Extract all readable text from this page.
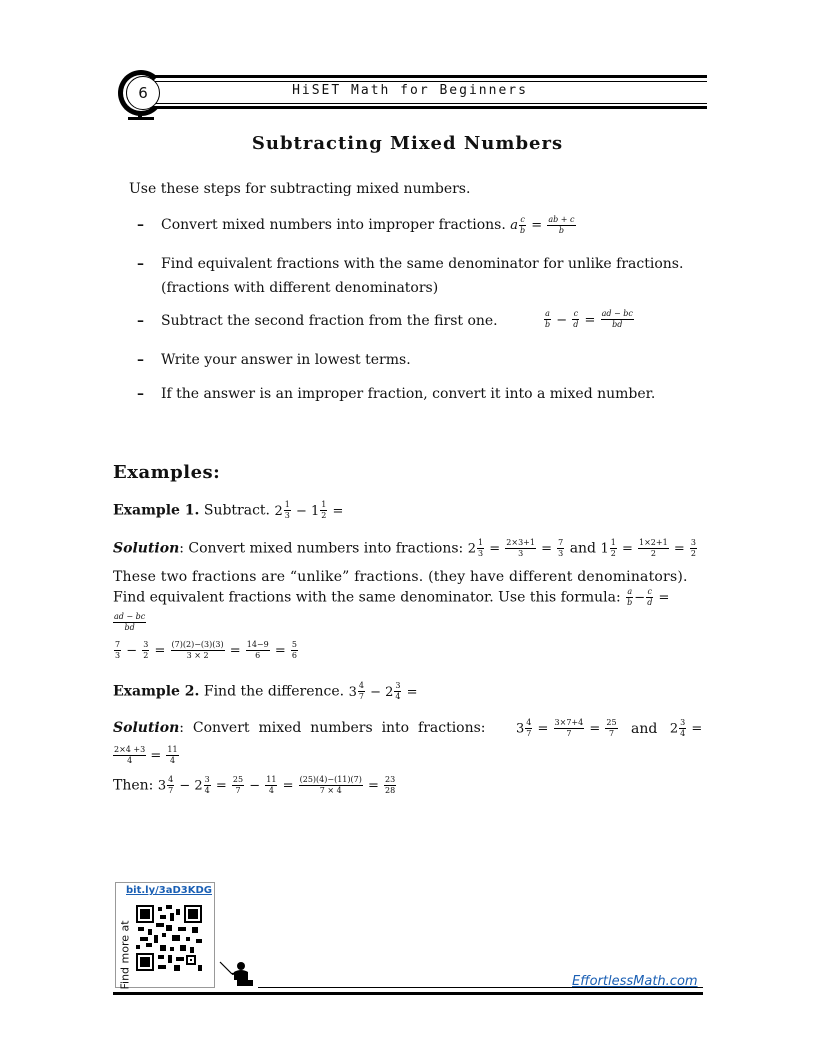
6	HiSET Math for Beginners
Subtracting Mixed Numbers
Use these steps for subtracting mixed numbers.
– Convert mixed numbers into improper fractions. a $\frac{c}{b} = \frac{ab + c}{b}$
– Find equivalent fractions with the same denominator for unlike fractions.
(fractions with different denominators)
– Subtract the second fraction from the first one.	$\frac{a}{b} - \frac{c}{d} = \frac{ad - bc}{bd}$
– Write your answer in lowest terms.
– If the answer is an improper fraction, convert it into a mixed number.
Examples:
Example 1. Subtract. $2 \frac{1}{3} - 1 \frac{1}{2}$ =
Solution: Convert mixed numbers into fractions: $2 \frac{1}{3} = \frac{2\times 3+1}{3} = \frac{7}{3}$ and $1 \frac{1}{2} = \frac{1\times 2+1}{2} = \frac{3}{2}$
These two fractions are “unlike” fractions. (they have different denominators).
Find equivalent fractions with the same denominator. Use this formula: $\frac{a}{b} - \frac{c}{d}$ =
$\frac{ad - bc}{bd}$
$\frac{7}{3} - \frac{3}{2} = \frac{(7)(2)-(3)(3)}{3 \times 2} = \frac{14-9}{6} = \frac{5}{6}$
Example 2. Find the difference. $3 \frac{4}{7} - 2 \frac{3}{4}$ =
Solution:  Convert  mixed  numbers  into  fractions: $3 \frac{4}{7} = \frac{3\times 7+4}{7} = \frac{25}{7}$ and $2 \frac{3}{4}$ =
$\frac{2\times 4 +3}{4} = \frac{11}{4}$
Then: $3 \frac{4}{7} - 2 \frac{3}{4} = \frac{25}{7} - \frac{11}{4} = \frac{(25)(4)-(11)(7)}{7 \times 4} = \frac{23}{28}$
bit.ly/3aD3KDG
Find more at	EffortlessMath.com
